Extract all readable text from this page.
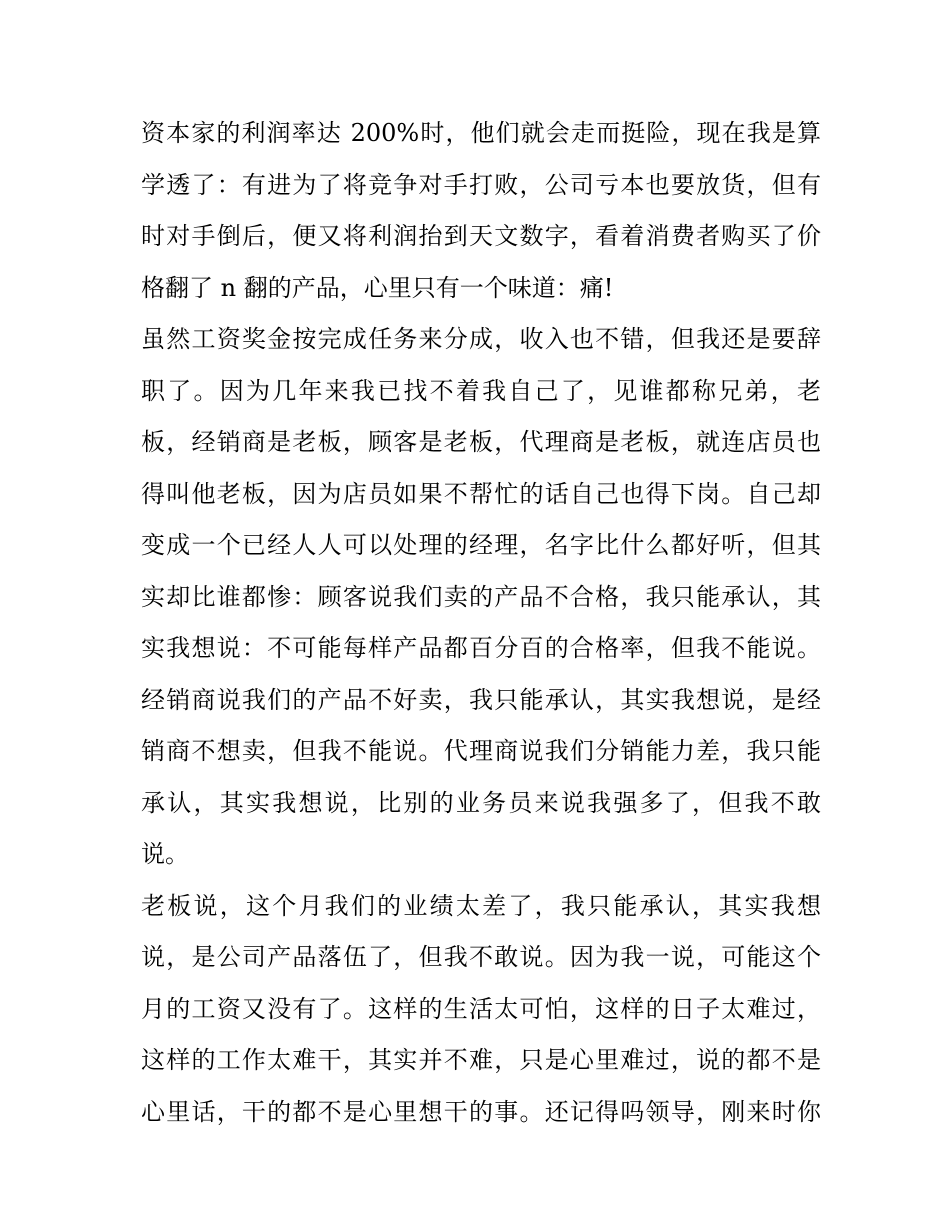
资本家的利润率达 200%时，他们就会走而挺险，现在我是算
学透了：有进为了将竞争对手打败，公司亏本也要放货，但有
时对手倒后，便又将利润抬到天文数字，看着消费者购买了价
格翻了 n 翻的产品，心里只有一个味道：痛!

虽然工资奖金按完成任务来分成，收入也不错，但我还是要辞
职了。因为几年来我已找不着我自己了，见谁都称兄弟，老
板，经销商是老板，顾客是老板，代理商是老板，就连店员也
得叫他老板，因为店员如果不帮忙的话自己也得下岗。自己却
变成一个已经人人可以处理的经理，名字比什么都好听，但其
实却比谁都惨：顾客说我们卖的产品不合格，我只能承认，其
实我想说：不可能每样产品都百分百的合格率，但我不能说。
经销商说我们的产品不好卖，我只能承认，其实我想说，是经
销商不想卖，但我不能说。代理商说我们分销能力差，我只能
承认，其实我想说，比别的业务员来说我强多了，但我不敢
说。

老板说，这个月我们的业绩太差了，我只能承认，其实我想
说，是公司产品落伍了，但我不敢说。因为我一说，可能这个
月的工资又没有了。这样的生活太可怕，这样的日子太难过，
这样的工作太难干，其实并不难，只是心里难过，说的都不是
心里话，干的都不是心里想干的事。还记得吗领导，刚来时你
